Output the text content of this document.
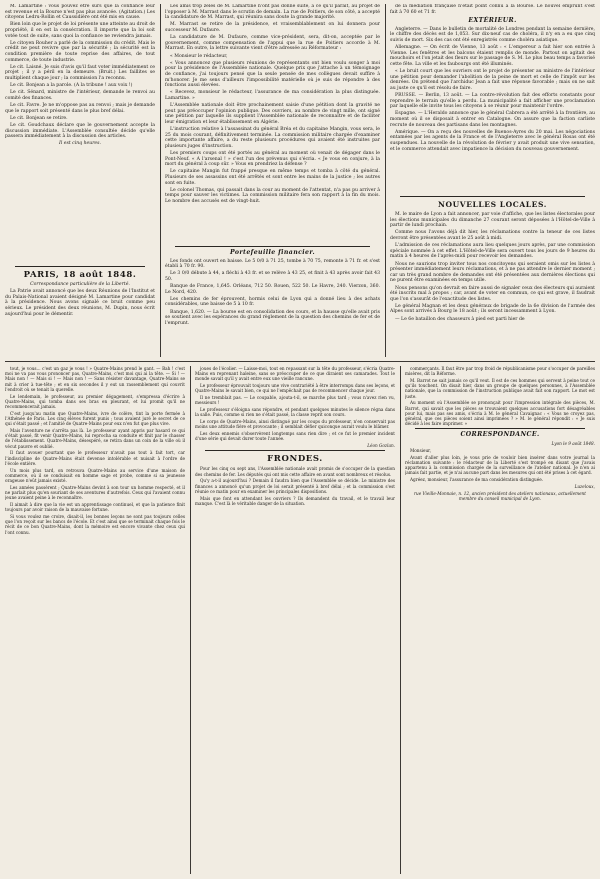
M. Lamartine : vous pouvez être sûrs que la confiance leur est revenue et la Bourse n'est pas plus avancée. (Agitation.) Les citoyens Ledru-Rollin et Caussidière ont été mis en cause.

Bien loin que le projet de loi présente une atteinte au droit de propriété, il en est la consécration. Il importe que la loi soit votée tout de suite, sans quoi la confiance ne reviendra jamais.

Le citoyen Rouher a parlé de la commission du crédit. Mais le crédit ne peut revivre que par la sécurité ; la sécurité est la condition première de toute reprise des affaires, de tout commerce, de toute industrie.

Le cit. Laisné. Je suis d'avis qu'il faut voter immédiatement ce projet ; il y a péril en la demeure. (Bruit.) Les faillites se multiplient chaque jour ; la commission l'a reconnu.

Le cit. Bonjean a la parole. (A la tribune ! aux voix !)

Le cit. Sénard, ministre de l'intérieur, demande le renvoi au comité des finances.

Le cit. Favre. Je ne m'oppose pas au renvoi ; mais je demande que le rapport soit présenté dans le plus bref délai.

Le cit. Bonjean se retire.

Le cit. Goudchaux déclare que le gouvernement accepte la discussion immédiate. L'Assemblée consultée décide qu'elle passera immédiatement à la discussion des articles.

Il est cinq heures.

PARIS, 18 août 1848.

Correspondance particulière de la Liberté.

La Patrie avait annoncé que les deux Réunions de l'Institut et du Palais-National avaient désigné M. Lamartine pour candidat à la présidence. Nous avons signalé ce bruit comme peu sérieux. Le président des deux réunions, M. Dupin, nous écrit aujourd'hui pour le démentir.

Les amis trop zélés de M. Lamartine n'ont pas donné suite, à ce qu'il paraît, au projet de l'opposer à M. Marrast dans le scrutin de demain. La rue de Poitiers, de son côté, a accepté la candidature de M. Marrast, qui réunira sans doute la grande majorité.

M. Marrast se retire de la présidence, et vraisemblablement on lui donnera pour successeur M. Dufaure.

La candidature de M. Dufaure, comme vice-président, sera, dit-on, acceptée par le gouvernement, comme compensation de l'appui que la rue de Poitiers accorde à M. Marrast. En outre, la lettre suivante vient d'être adressée au Réformateur :

« Monsieur le rédacteur,

« Vous annoncez que plusieurs réunions de représentants ont bien voulu songer à moi pour la présidence de l'Assemblée nationale. Quelque prix que j'attache à un témoignage de confiance, j'ai toujours pensé que la seule pensée de mes collègues devait suffire à m'honorer. Je me sens d'ailleurs l'impossibilité matérielle où je suis de répondre à des fonctions aussi élevées.

« Recevez, monsieur le rédacteur, l'assurance de ma considération la plus distinguée. Lamartine. »

L'Assemblée nationale doit être prochainement saisie d'une pétition dont la gravité ne peut pas préoccuper l'opinion publique. Des ouvriers, au nombre de vingt mille, ont signé une pétition par laquelle ils supplient l'Assemblée nationale de reconnaître et de faciliter leur émigration et leur établissement en Algérie.

L'instruction relative à l'assassinat du général Bréa et du capitaine Mangin, vous sera, le 25 du mois courant, définitivement terminée. La commission militaire chargée d'examiner cette importante affaire, a du reste plusieurs procédures qui avaient été instruites par plusieurs juges d'instruction.

Les premiers coups ont été portés au général au moment où venait de dégager dans le Pont-Neuf. « A l'arsenal ! » c'est l'un des prévenus qui s'écria. « Je vous en conjure, à la mort du général à coup sûr. » Vous en prendriez la défense ?

Le capitaine Mangin fut frappé presque en même temps et tomba à côté du général. Plusieurs de ses assassins ont été arrêtés et sont entre les mains de la justice ; les autres sont en fuite.

Le colonel Thomas, qui passait dans la cour au moment de l'attentat, n'a pas pu arriver à temps pour sauver les victimes. La commission militaire fera son rapport à la fin du mois. Le nombre des accusés est de vingt-huit.

Portefeuille financier.

Les fonds ont ouvert en baisse. Le 5 0/0 à 71 25, tombe à 70 75, remonte à 71 fr. et s'est établi à 70 fr. 90.

Le 3 0/0 débute à 44, a fléchi à 43 fr. et se relève à 43 25, et finit à 43 après avoir fait 43 50.

Banque de France, 1,645. Orléans, 712 50. Rouen, 522 50. Le Havre, 240. Vierzon, 360. Le Nord, 420.

Les chemins de fer éprouvent, hormis celui de Lyon qui a donné lieu à des achats considérables, une baisse de 5 à 10 fr.

Banque, 1,620. — La bourse est en consolidation des cours, et la hausse qu'elle avait pris se soutient avec les espérances du grand règlement de la question des chemins de fer et de l'emprunt.

de la médiation française n'était point connu à la Bourse. Le nouvel emprunt s'est fait à 70 60 et 71 fr.

EXTÉRIEUR.

Angleterre. — Dans le bulletin de mortalité de Londres pendant la semaine dernière, le chiffre des décès est de 1,053. Sur dix-neuf cas de choléra, il n'y en a eu que cinq suivis de mort. Six des cas ont été enregistrés comme choléra asiatique.

Allemagne. — On écrit de Vienne, 13 août : « L'empereur a fait hier son entrée à Vienne. Les fenêtres et les balcons étaient remplis de monde. Partout on agitait des mouchoirs et l'on jetait des fleurs sur le passage de S. M. Le plus beau temps a favorisé cette fête. La ville et les faubourgs ont été illuminés.

« Le bruit court que les ouvriers ont le projet de présenter au ministre de l'intérieur une pétition pour demander l'abolition de la peine de mort et celle de l'impôt sur les denrées. On prétend que l'archiduc Jean a fait une réponse favorable ; mais on ne sait au juste ce qu'il est résolu de faire.

PRUSSE. — Berlin, 13 août. — La contre-révolution fait des efforts constants pour reprendre le terrain qu'elle a perdu. La municipalité a fait afficher une proclamation par laquelle elle invite tous les citoyens à se réunir pour maintenir l'ordre.

Espagne. — L'Heraldo annonce que le général Cabrera a été arrêté à la frontière, au moment où il se disposait à entrer en Catalogne. On assure que la faction carliste recrute de nouveau des partisans dans les montagnes.

Amérique. — On a reçu des nouvelles de Buenos-Ayres du 20 mai. Les négociations entamées par les agents de la France et de l'Angleterre avec le général Rosas ont été suspendues. La nouvelle de la révolution de février y avait produit une vive sensation, et le commerce attendait avec impatience la décision du nouveau gouvernement.

NOUVELLES LOCALES.

M. le maire de Lyon a fait annoncer, par voie d'affiche, que les listes électorales pour les élections municipales du dimanche 27 courant seront déposées à l'Hôtel-de-Ville à partir de lundi prochain.

Comme nous l'avons déjà dit hier, les réclamations contre la teneur de ces listes devront être présentées avant le 25 août à midi.

L'admission de ces réclamations aura lieu quelques jours après, par une commission spéciale nommée à cet effet. L'Hôtel-de-Ville sera ouvert tous les jours de 9 heures du matin à 4 heures de l'après-midi pour recevoir les demandes.

Nous ne saurions trop inviter tous nos concitoyens qui seraient omis sur les listes à présenter immédiatement leurs réclamations, et à ne pas attendre le dernier moment ; car un très grand nombre de demandes ont été présentées aux dernières élections qui ne purent être examinées en temps utile.

Nous pensons qu'on devrait en faire aussi de signaler ceux des électeurs qui auraient été inscrits mal à propos ; car, avant de voter en commun, ce qui est grave, il faudrait que l'on s'assurât de l'exactitude des listes.

Le général Magnan et les deux généraux de brigade de la 6e division de l'armée des Alpes sont arrivés à Bourg le 18 août ; ils seront incessamment à Lyon.

— Le 6e bataillon des chasseurs à pied est parti hier de

tout, je vous... c'est un gaz je vous ! » Quatre-Mains prend le gant. — Bah ! c'est moi ne va pas vous prononcer pas, Quatre-Mains, c'est moi qui ai la tête. — Si ! — Mais non ! — Mais si ! — Mais non ! — Sans résister davantage, Quatre-Mains se mit à crier à tue-tête ; et en six secondes il y eut un rassemblement qui couvrit l'endroit où se tenait la querelle.

Le lendemain, le professeur, au premier dégagement, s'empressa d'écrire à Quatre-Mains, qui tomba dans ses bras en pleurant, et lui promit qu'il ne recommencerait jamais.

C'est jusqu'au matin que Quatre-Mains, ivre de colère, tint la porte fermée à l'Athénée de Paris. Les cinq élèves furent punis ; tous avaient juré le secret de ce qui s'était passé ; et l'amitié de Quatre-Mains pour eux n'en fut que plus vive.

Mais l'aventure ne s'arrêta pas là. Le professeur ayant appris par hasard ce qui s'était passé, fit venir Quatre-Mains, lui reprocha sa conduite et finit par le chasser de l'établissement. Quatre-Mains, désespéré, se retira dans un coin de la ville où il vécut pauvre et oublié.

Il faut avouer pourtant que le professeur n'avait pas tout à fait tort, car l'indiscipline de Quatre-Mains était devenue intolérable et nuisait à l'ordre de l'école entière.

Un mois plus tard, on retrouva Quatre-Mains au service d'une maison de commerce, où il se conduisait en homme sage et probe, comme si sa jeunesse orageuse n'eût jamais existé.

Les années passèrent ; Quatre-Mains devint à son tour un homme respecté, et il ne parlait plus qu'en souriant de ses aventures d'autrefois. Ceux qui l'avaient connu jeune avaient peine à le reconnaître.

Il aimait à dire que la vie est un apprentissage continuel, et que la patience finit toujours par avoir raison de la mauvaise fortune.

Si vous voulez me croire, disait-il, les bonnes leçons ne sont pas toujours celles que l'on reçoit sur les bancs de l'école. Et c'est ainsi que se terminait chaque fois le récit de ce bon Quatre-Mains, dont la mémoire est encore vivante chez ceux qui l'ont connu.

joues de l'écolier. — Laisse-moi, tout en repassant sur la tête du professeur, s'écria Quatre-Mains en reprenant haleine, sans se préoccuper de ce que diraient ses camarades. Tout le monde savait qu'il y avait entre eux une vieille rancune.

Le professeur éprouvait toujours une vive contrariété à être interrompu dans ses leçons, et Quatre-Mains le savait bien, ce qui ne l'empêchait pas de recommencer chaque jour.

Il ne tremblait pas. — Le coupable, ajouta-t-il, se marche plus tard ; vous n'avez rien vu, messieurs !

Le professeur s'éloigna sans répondre, et pendant quelques minutes le silence régna dans la salle. Puis, comme si rien ne s'était passé, la classe reprit son cours.

Le corps de Quatre-Mains, ainsi distingué par les coups du professeur, n'en conservait pas moins une attitude fière et provocante ; il semblait défier quiconque aurait voulu le blâmer.

Les deux ennemis s'observèrent longtemps sans rien dire ; et ce fut le premier incident d'une série qui devait durer toute l'année.

Léon Gozlan.

FRONDES.

Pour les cinq ou sept ans, l'Assemblée nationale avait promis de s'occuper de la question des chemins de fer. Les députés qui ont mis cette affaire en avant sont nombreux et résolus.

Qu'y a-t-il aujourd'hui ? Demain il faudra bien que l'Assemblée se décide. Le ministre des finances a annoncé qu'un projet de loi serait présenté à bref délai ; et la commission s'est réunie ce matin pour en examiner les principales dispositions.

Mais que font en attendant les ouvriers ? Ils demandent du travail, et le travail leur manque. C'est là le véritable danger de la situation.

commerçants. Il faut être par trop froid de républicanisme pour s'occuper de pareilles misères, dit la Réforme.

M. Barrot ne sait jamais ce qu'il veut. Il est de ces hommes qui servent à peine tout ce qu'ils touchent. On disait hier, dans un groupe de quelques personnes, à l'Assemblée nationale, que la commission de l'instruction publique avait fait son rapport. Le mot est juste.

Au moment où l'Assemblée se prononçait pour l'impression intégrale des pièces, M. Barrot, qui savait que les pièces se trouvaient quelques accusations fort désagréables pour lui, mais pas ses amis, s'écria à M. le général Cavaignac : « Vous ne croyez pas, général, que ces pièces soient ainsi imprimées ? » M. le général répondit : « Je suis décidé à les faire imprimer. »

CORRESPONDANCE.

Lyon le 9 août 1848.

Monsieur,

Avant d'aller plus loin, je vous prie de vouloir bien insérer dans votre journal la réclamation suivante : le rédacteur de la Liberté s'est trompé en disant que j'avais appartenu à la commission chargée de la surveillance de l'atelier national. Je n'en ai jamais fait partie, et je n'ai aucune part dans les mesures qui ont été prises à cet égard.

Agréez, monsieur, l'assurance de ma considération distinguée.

Luzeloux,

rue Vieille-Monnaie, n. 12, ancien président des ateliers nationaux, actuellement membre du conseil municipal de Lyon.
